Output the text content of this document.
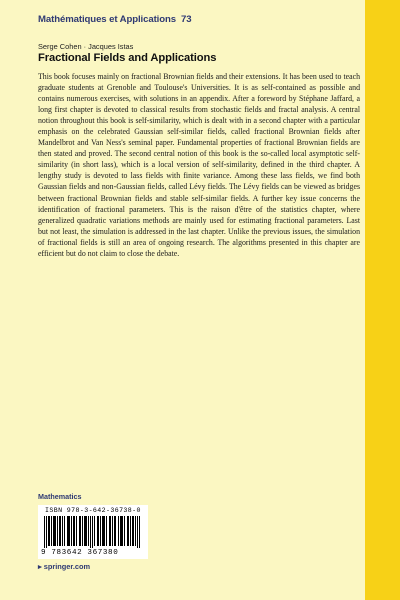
Mathématiques et Applications 73
Serge Cohen · Jacques Istas
Fractional Fields and Applications

This book focuses mainly on fractional Brownian fields and their extensions. It has been used to teach graduate students at Grenoble and Toulouse's Universities. It is as self-contained as possible and contains numerous exercises, with solutions in an appendix. After a foreword by Stéphane Jaffard, a long first chapter is devoted to classical results from stochastic fields and fractal analysis. A central notion throughout this book is self-similarity, which is dealt with in a second chapter with a particular emphasis on the celebrated Gaussian self-similar fields, called fractional Brownian fields after Mandelbrot and Van Ness's seminal paper. Fundamental properties of fractional Brownian fields are then stated and proved. The second central notion of this book is the so-called local asymptotic self-similarity (in short lass), which is a local version of self-similarity, defined in the third chapter. A lengthy study is devoted to lass fields with finite variance. Among these lass fields, we find both Gaussian fields and non-Gaussian fields, called Lévy fields. The Lévy fields can be viewed as bridges between fractional Brownian fields and stable self-similar fields. A further key issue concerns the identification of fractional parameters. This is the raison d'être of the statistics chapter, where generalized quadratic variations methods are mainly used for estimating fractional parameters. Last but not least, the simulation is addressed in the last chapter. Unlike the previous issues, the simulation of fractional fields is still an area of ongoing research. The algorithms presented in this chapter are efficient but do not claim to close the debate.

Mathematics
ISBN 978-3-642-36738-0
9 783642 367380
▸ springer.com
